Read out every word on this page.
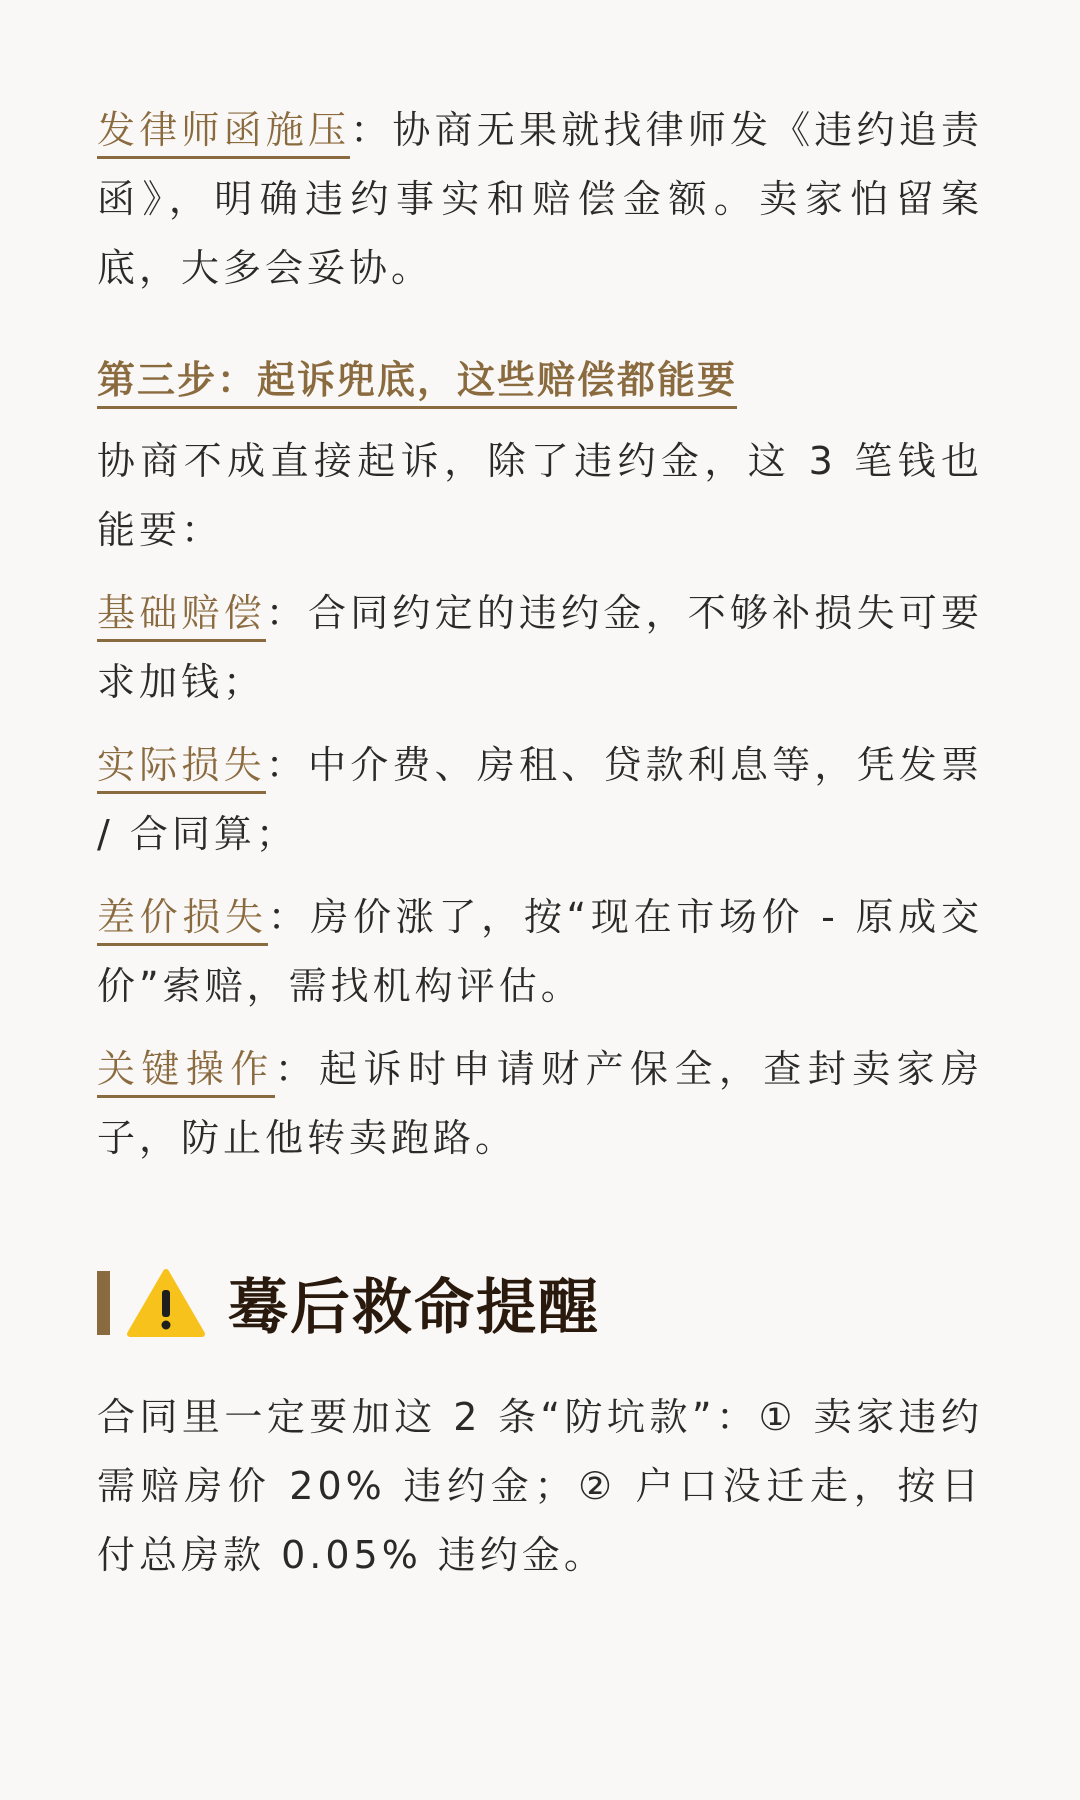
发律师函施压：协商无果就找律师发《违约追责函》，明确违约事实和赔偿金额。卖家怕留案底，大多会妥协。

第三步：起诉兜底，这些赔偿都能要

协商不成直接起诉，除了违约金，这 3 笔钱也能要：

基础赔偿：合同约定的违约金，不够补损失可要求加钱；

实际损失：中介费、房租、贷款利息等，凭发票 / 合同算；

差价损失：房价涨了，按“现在市场价 - 原成交价”索赔，需找机构评估。

关键操作：起诉时申请财产保全，查封卖家房子，防止他转卖跑路。

蓦后救命提醒

合同里一定要加这 2 条“防坑款”：① 卖家违约需赔房价 20% 违约金；② 户口没迁走，按日付总房款 0.05% 违约金。
